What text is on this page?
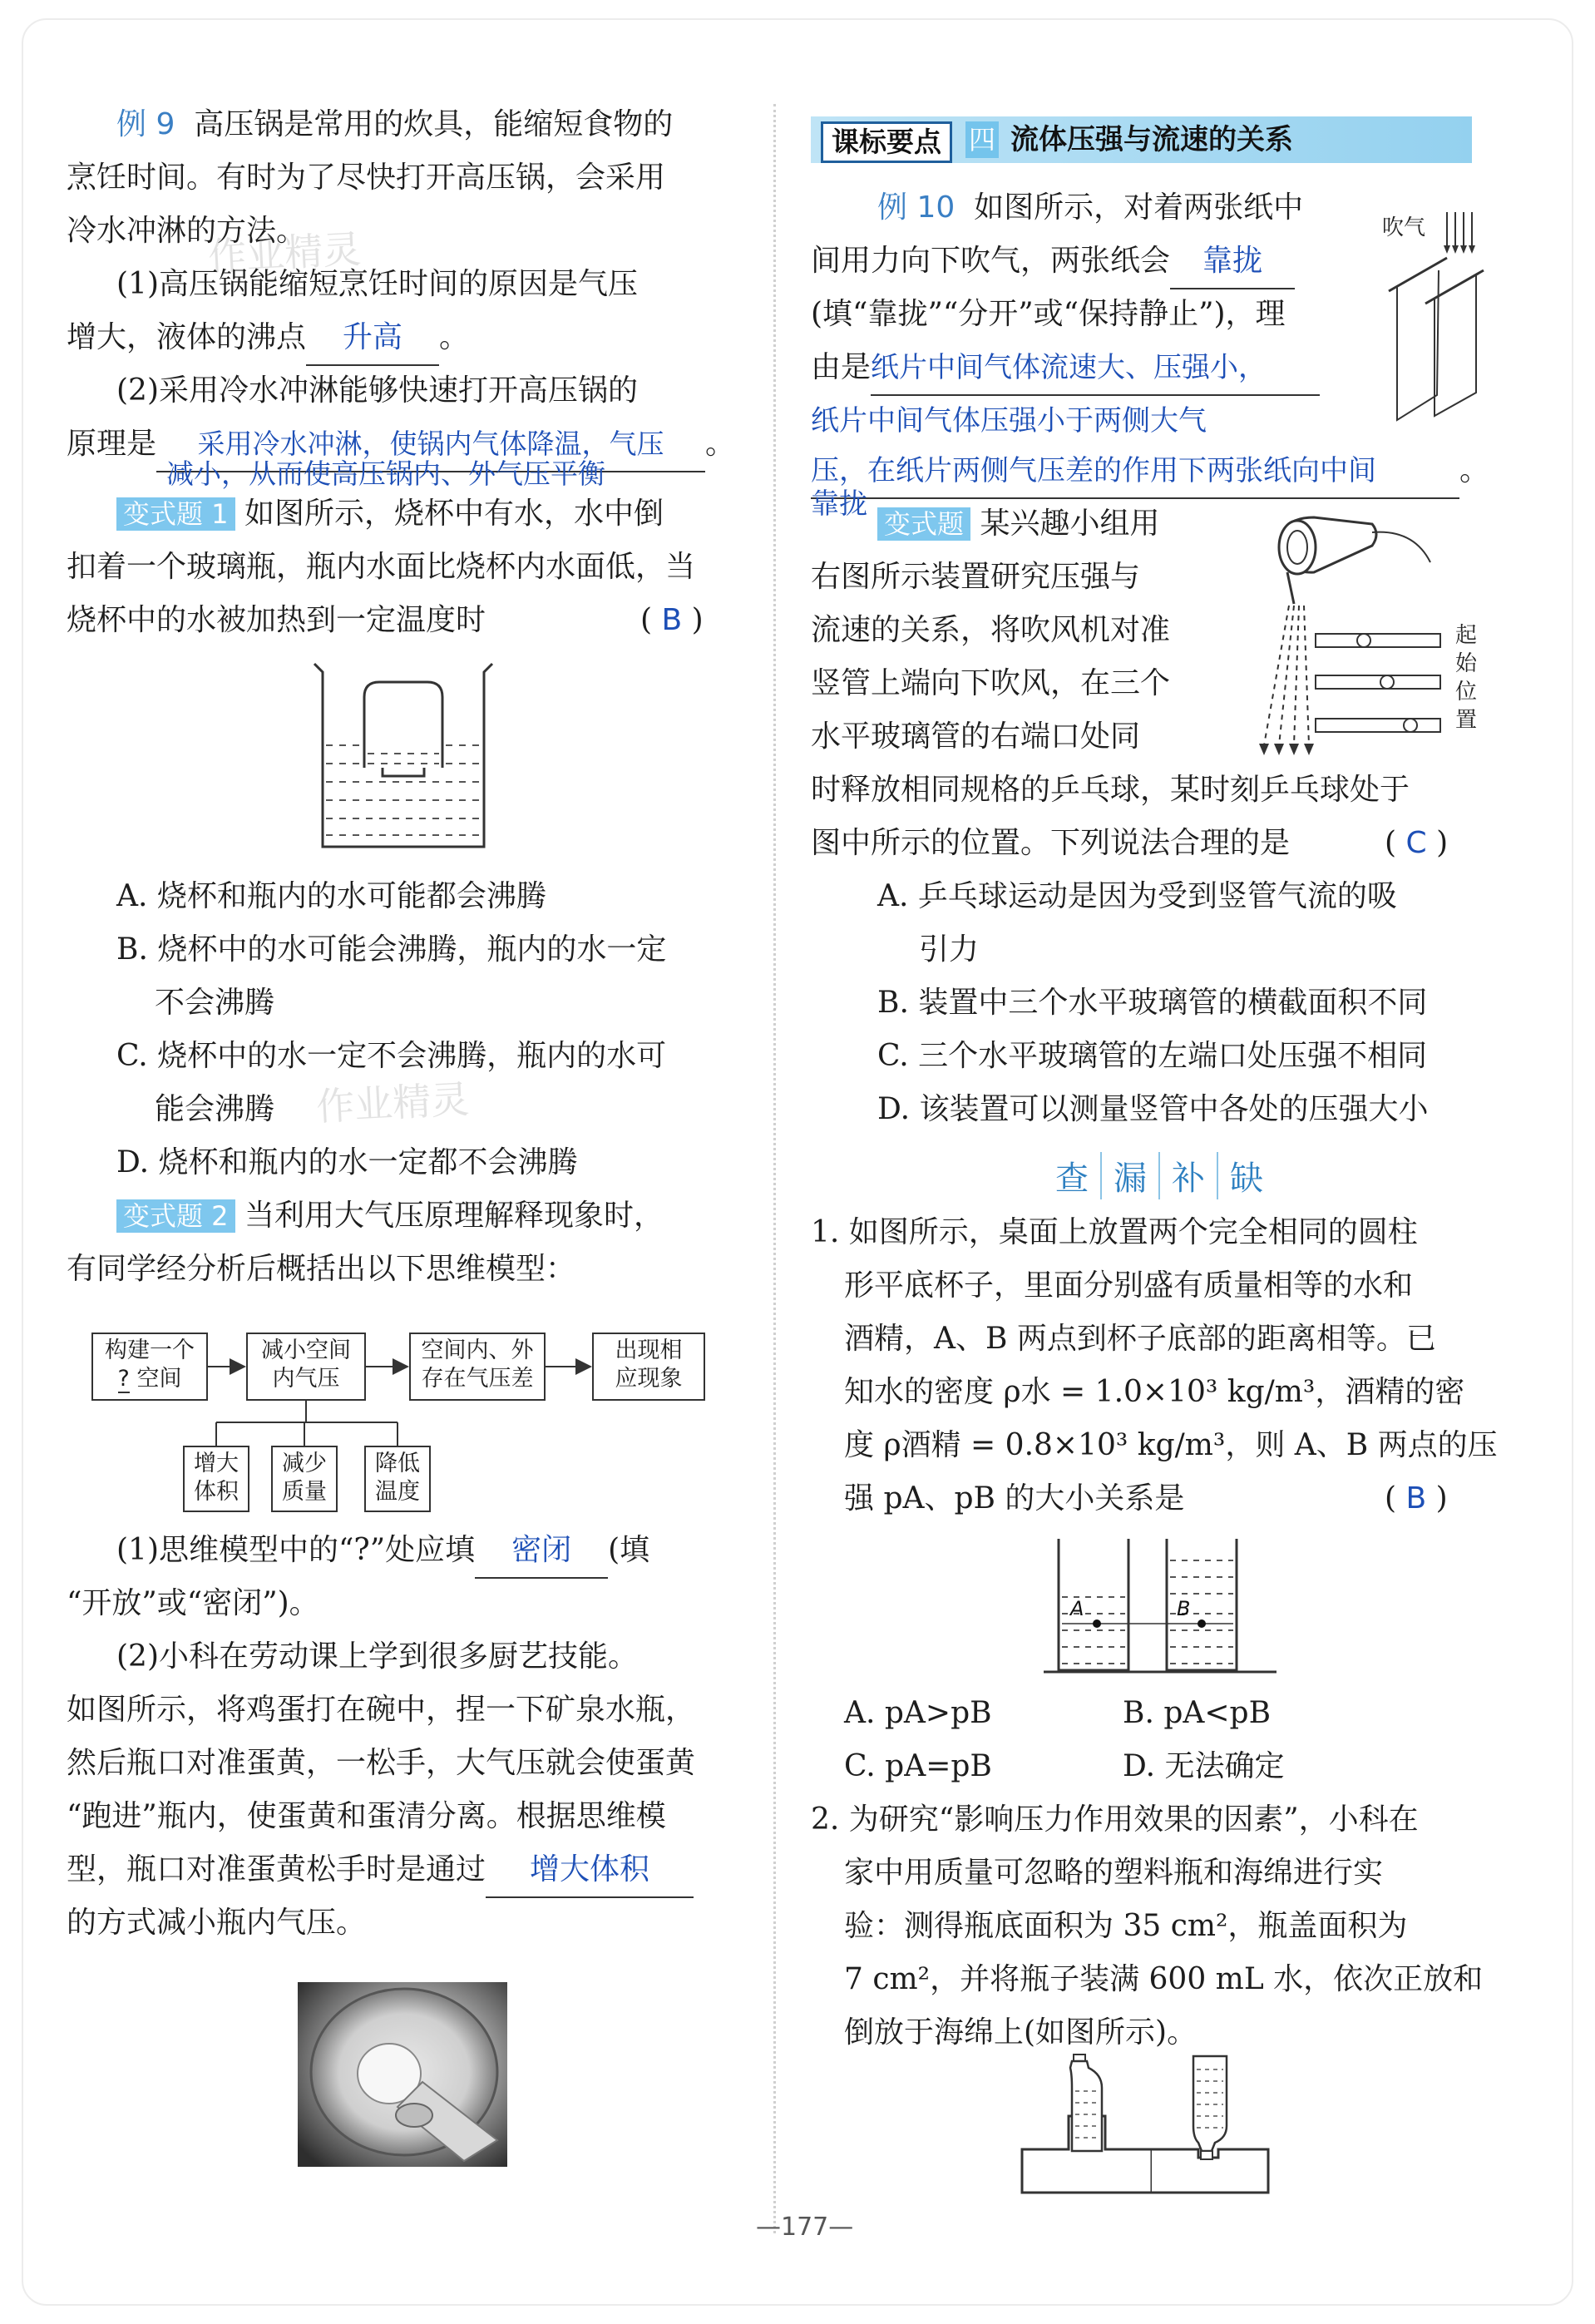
例 9 高压锅是常用的炊具，能缩短食物的
烹饪时间。有时为了尽快打开高压锅，会采用
冷水冲淋的方法。
(1)高压锅能缩短烹饪时间的原因是气压
增大，液体的沸点 升高 。
(2)采用冷水冲淋能够快速打开高压锅的
原理是 采用冷水冲淋，使锅内气体降温，气压 。
减小，从而使高压锅内、外气压平衡
变式题 1 如图所示，烧杯中有水，水中倒
扣着一个玻璃瓶，瓶内水面比烧杯内水面低，当
烧杯中的水被加热到一定温度时	( B )
A. 烧杯和瓶内的水可能都会沸腾
B. 烧杯中的水可能会沸腾，瓶内的水一定
不会沸腾
C. 烧杯中的水一定不会沸腾，瓶内的水可
能会沸腾
D. 烧杯和瓶内的水一定都不会沸腾
变式题 2 当利用大气压原理解释现象时，
有同学经分析后概括出以下思维模型：
构建一个
? 空间
减小空间
内气压
空间内、外
存在气压差
出现相
应现象
增大
体积
减少
质量
降低
温度
(1)思维模型中的“?”处应填 密闭 (填
“开放”或“密闭”)。
(2)小科在劳动课上学到很多厨艺技能。
如图所示，将鸡蛋打在碗中，捏一下矿泉水瓶，
然后瓶口对准蛋黄，一松手，大气压就会使蛋黄
“跑进”瓶内，使蛋黄和蛋清分离。根据思维模
型，瓶口对准蛋黄松手时是通过 增大体积
的方式减小瓶内气压。
课标要点	四 流体压强与流速的关系
例 10 如图所示，对着两张纸中
间用力向下吹气，两张纸会 靠拢
(填“靠拢”“分开”或“保持静止”)，理
由是纸片中间气体流速大、压强小，
纸片中间气体压强小于两侧大气
压，在纸片两侧气压差的作用下两张纸向中间	。
靠拢
变式题 某兴趣小组用
右图所示装置研究压强与
流速的关系，将吹风机对准
竖管上端向下吹风，在三个
水平玻璃管的右端口处同
时释放相同规格的乒乓球，某时刻乒乓球处于
图中所示的位置。下列说法合理的是	( C )
A. 乒乓球运动是因为受到竖管气流的吸
引力
B. 装置中三个水平玻璃管的横截面积不同
C. 三个水平玻璃管的左端口处压强不相同
D. 该装置可以测量竖管中各处的压强大小
吹气
起
始
位
置
查 漏 补 缺
1. 如图所示，桌面上放置两个完全相同的圆柱
形平底杯子，里面分别盛有质量相等的水和
酒精，A、B 两点到杯子底部的距离相等。已
知水的密度 ρ水 = 1.0×10³ kg/m³，酒精的密
度 ρ酒精 = 0.8×10³ kg/m³，则 A、B 两点的压
强 pA、pB 的大小关系是	( B )
A. pA>pB	B. pA<pB
C. pA=pB	D. 无法确定
2. 为研究“影响压力作用效果的因素”，小科在
家中用质量可忽略的塑料瓶和海绵进行实
验：测得瓶底面积为 35 cm²，瓶盖面积为
7 cm²，并将瓶子装满 600 mL 水，依次正放和
倒放于海绵上(如图所示)。
A	B
作业精灵
作业精灵
—177—
